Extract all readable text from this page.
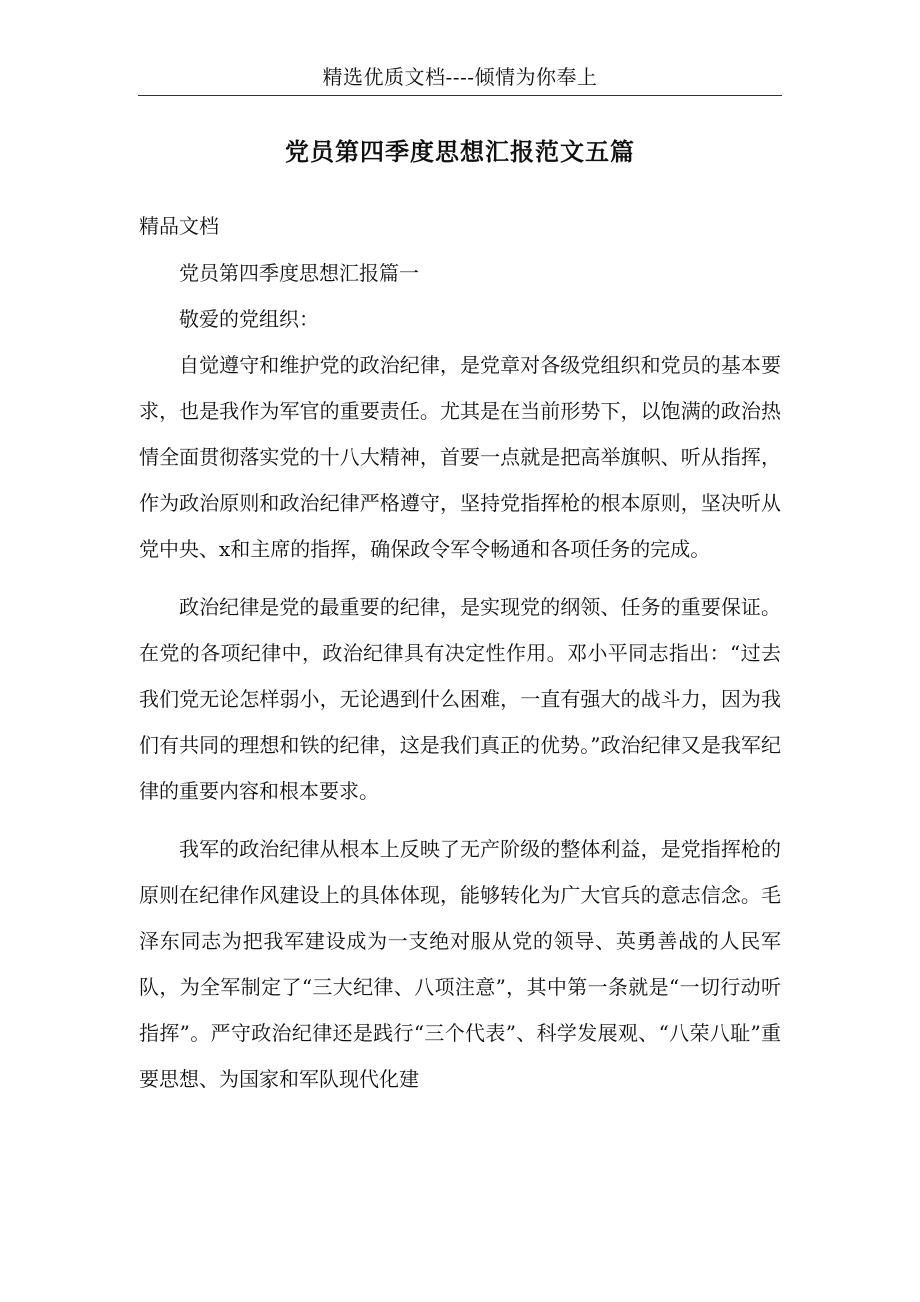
精选优质文档----倾情为你奉上
党员第四季度思想汇报范文五篇
精品文档

党员第四季度思想汇报篇一

敬爱的党组织：

自觉遵守和维护党的政治纪律，是党章对各级党组织和党员的基本要求，也是我作为军官的重要责任。尤其是在当前形势下，以饱满的政治热情全面贯彻落实党的十八大精神，首要一点就是把高举旗帜、听从指挥，作为政治原则和政治纪律严格遵守，坚持党指挥枪的根本原则，坚决听从党中央、x和主席的指挥，确保政令军令畅通和各项任务的完成。

政治纪律是党的最重要的纪律，是实现党的纲领、任务的重要保证。在党的各项纪律中，政治纪律具有决定性作用。邓小平同志指出：“过去我们党无论怎样弱小，无论遇到什么困难，一直有强大的战斗力，因为我们有共同的理想和铁的纪律，这是我们真正的优势。”政治纪律又是我军纪律的重要内容和根本要求。

我军的政治纪律从根本上反映了无产阶级的整体利益，是党指挥枪的原则在纪律作风建设上的具体体现，能够转化为广大官兵的意志信念。毛泽东同志为把我军建设成为一支绝对服从党的领导、英勇善战的人民军队，为全军制定了“三大纪律、八项注意”，其中第一条就是“一切行动听指挥”。严守政治纪律还是践行“三个代表”、科学发展观、“八荣八耻”重要思想、为国家和军队现代化建
